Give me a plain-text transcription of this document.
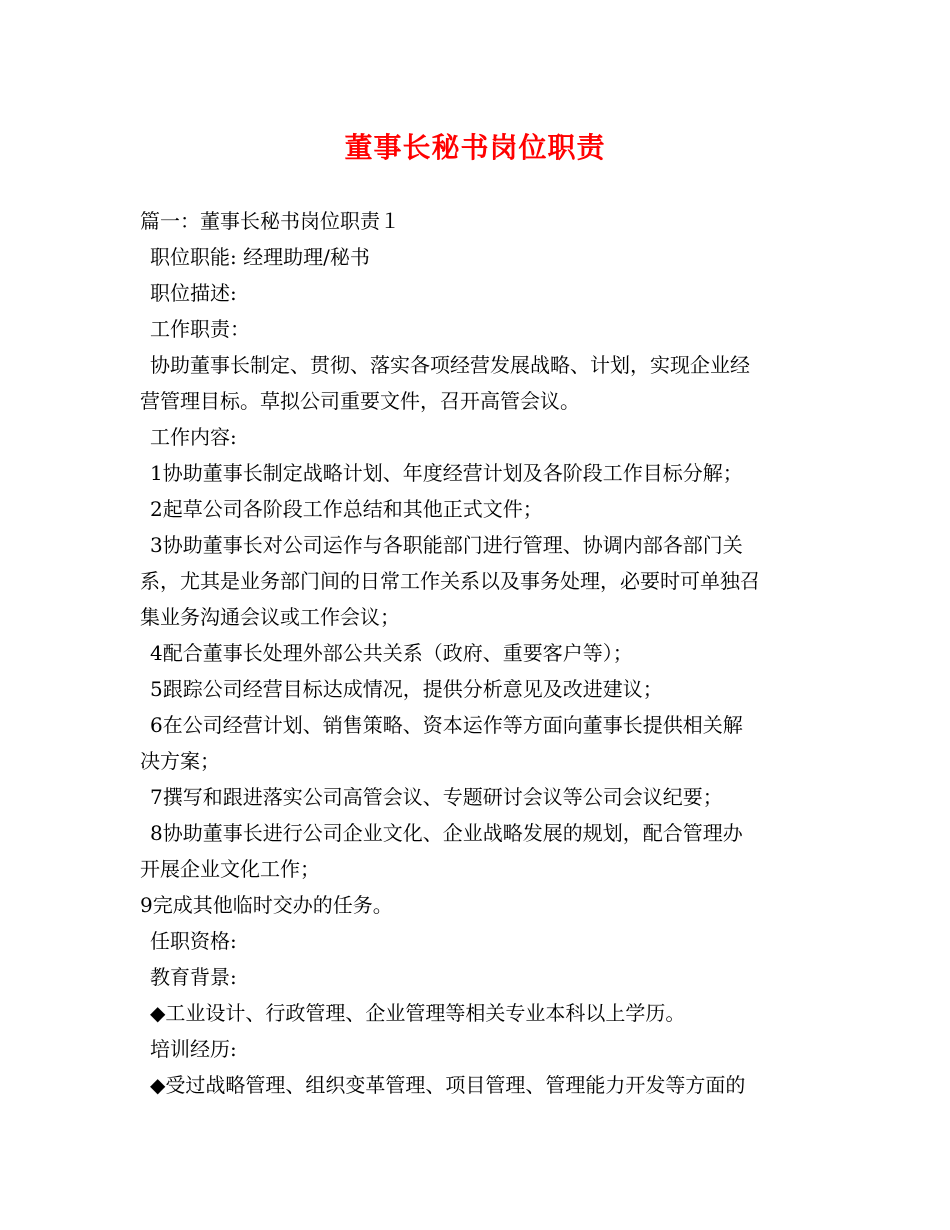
董事长秘书岗位职责

篇一：董事长秘书岗位职责１

职位职能: 经理助理/秘书

职位描述:

工作职责：

协助董事长制定、贯彻、落实各项经营发展战略、计划，实现企业经

营管理目标。草拟公司重要文件，召开高管会议。

工作内容:

1协助董事长制定战略计划、年度经营计划及各阶段工作目标分解；

2起草公司各阶段工作总结和其他正式文件；

3协助董事长对公司运作与各职能部门进行管理、协调内部各部门关

系，尤其是业务部门间的日常工作关系以及事务处理，必要时可单独召

集业务沟通会议或工作会议；

4配合董事长处理外部公共关系（政府、重要客户等）；

5跟踪公司经营目标达成情况，提供分析意见及改进建议；

6在公司经营计划、销售策略、资本运作等方面向董事长提供相关解

决方案；

7撰写和跟进落实公司高管会议、专题研讨会议等公司会议纪要；

8协助董事长进行公司企业文化、企业战略发展的规划，配合管理办

开展企业文化工作；

9完成其他临时交办的任务。

任职资格:

教育背景:

◆工业设计、行政管理、企业管理等相关专业本科以上学历。

培训经历:

◆受过战略管理、组织变革管理、项目管理、管理能力开发等方面的
